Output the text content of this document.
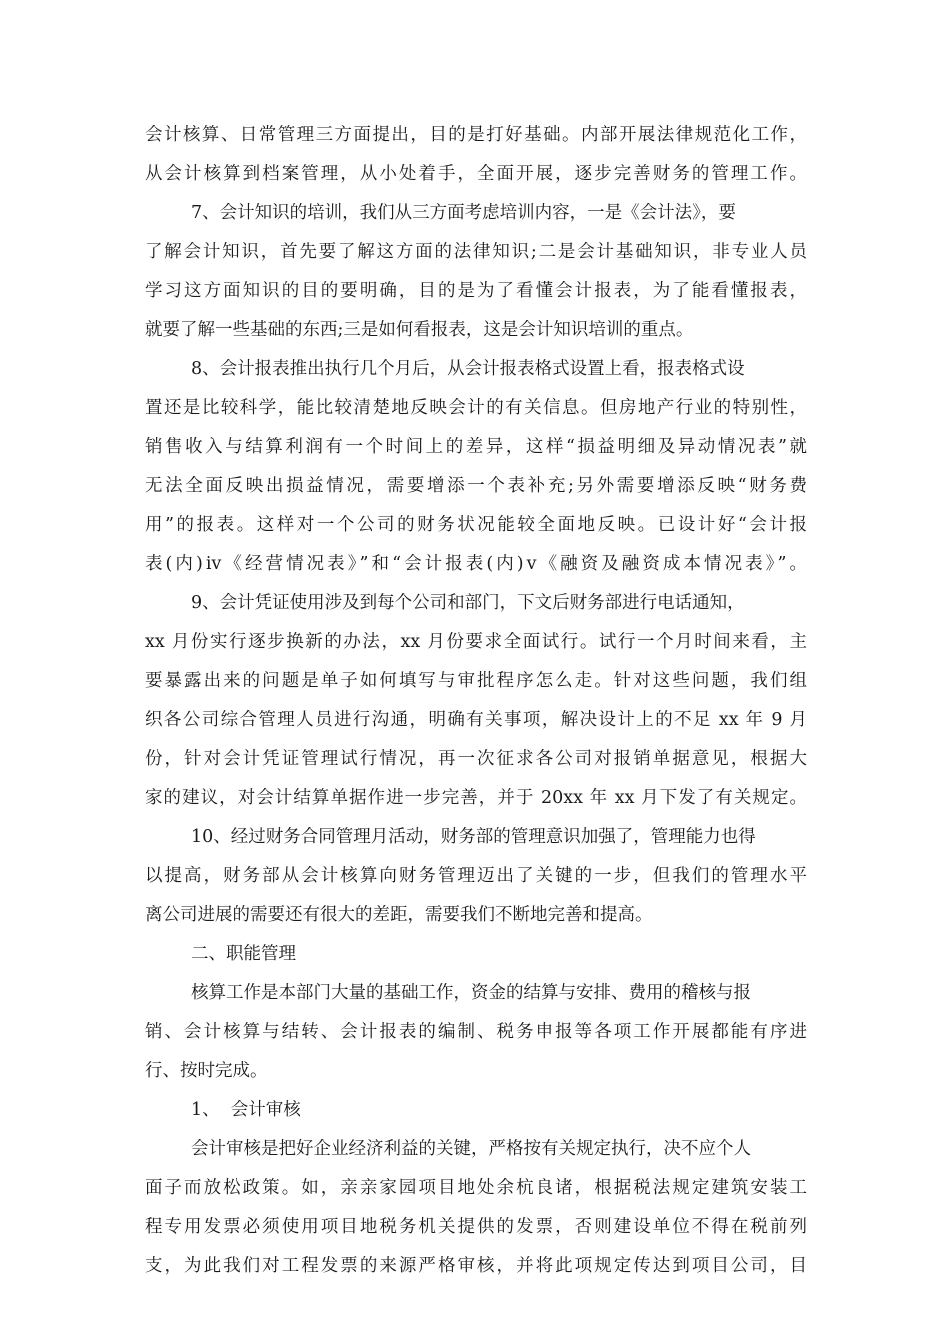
会计核算、日常管理三方面提出，目的是打好基础。内部开展法律规范化工作，

从会计核算到档案管理，从小处着手，全面开展，逐步完善财务的管理工作。

7、会计知识的培训，我们从三方面考虑培训内容，一是《会计法》，要

了解会计知识，首先要了解这方面的法律知识;二是会计基础知识，非专业人员

学习这方面知识的目的要明确，目的是为了看懂会计报表，为了能看懂报表，

就要了解一些基础的东西;三是如何看报表，这是会计知识培训的重点。

8、会计报表推出执行几个月后，从会计报表格式设置上看，报表格式设

置还是比较科学，能比较清楚地反映会计的有关信息。但房地产行业的特别性，

销售收入与结算利润有一个时间上的差异，这样“损益明细及异动情况表”就

无法全面反映出损益情况，需要增添一个表补充;另外需要增添反映“财务费

用”的报表。这样对一个公司的财务状况能较全面地反映。已设计好“会计报

表(内)ⅳ《经营情况表》”和“会计报表(内)ⅴ《融资及融资成本情况表》”。

9、会计凭证使用涉及到每个公司和部门，下文后财务部进行电话通知，

xx 月份实行逐步换新的办法，xx 月份要求全面试行。试行一个月时间来看，主

要暴露出来的问题是单子如何填写与审批程序怎么走。针对这些问题，我们组

织各公司综合管理人员进行沟通，明确有关事项，解决设计上的不足 xx 年 9 月

份，针对会计凭证管理试行情况，再一次征求各公司对报销单据意见，根据大

家的建议，对会计结算单据作进一步完善，并于 20xx 年 xx 月下发了有关规定。

10、经过财务合同管理月活动，财务部的管理意识加强了，管理能力也得

以提高，财务部从会计核算向财务管理迈出了关键的一步，但我们的管理水平

离公司进展的需要还有很大的差距，需要我们不断地完善和提高。

二、职能管理

核算工作是本部门大量的基础工作，资金的结算与安排、费用的稽核与报

销、会计核算与结转、会计报表的编制、税务申报等各项工作开展都能有序进

行、按时完成。

1、  会计审核

会计审核是把好企业经济利益的关键，严格按有关规定执行，决不应个人

面子而放松政策。如，亲亲家园项目地处余杭良诸，根据税法规定建筑安装工

程专用发票必须使用项目地税务机关提供的发票，否则建设单位不得在税前列

支，为此我们对工程发票的来源严格审核，并将此项规定传达到项目公司，目
